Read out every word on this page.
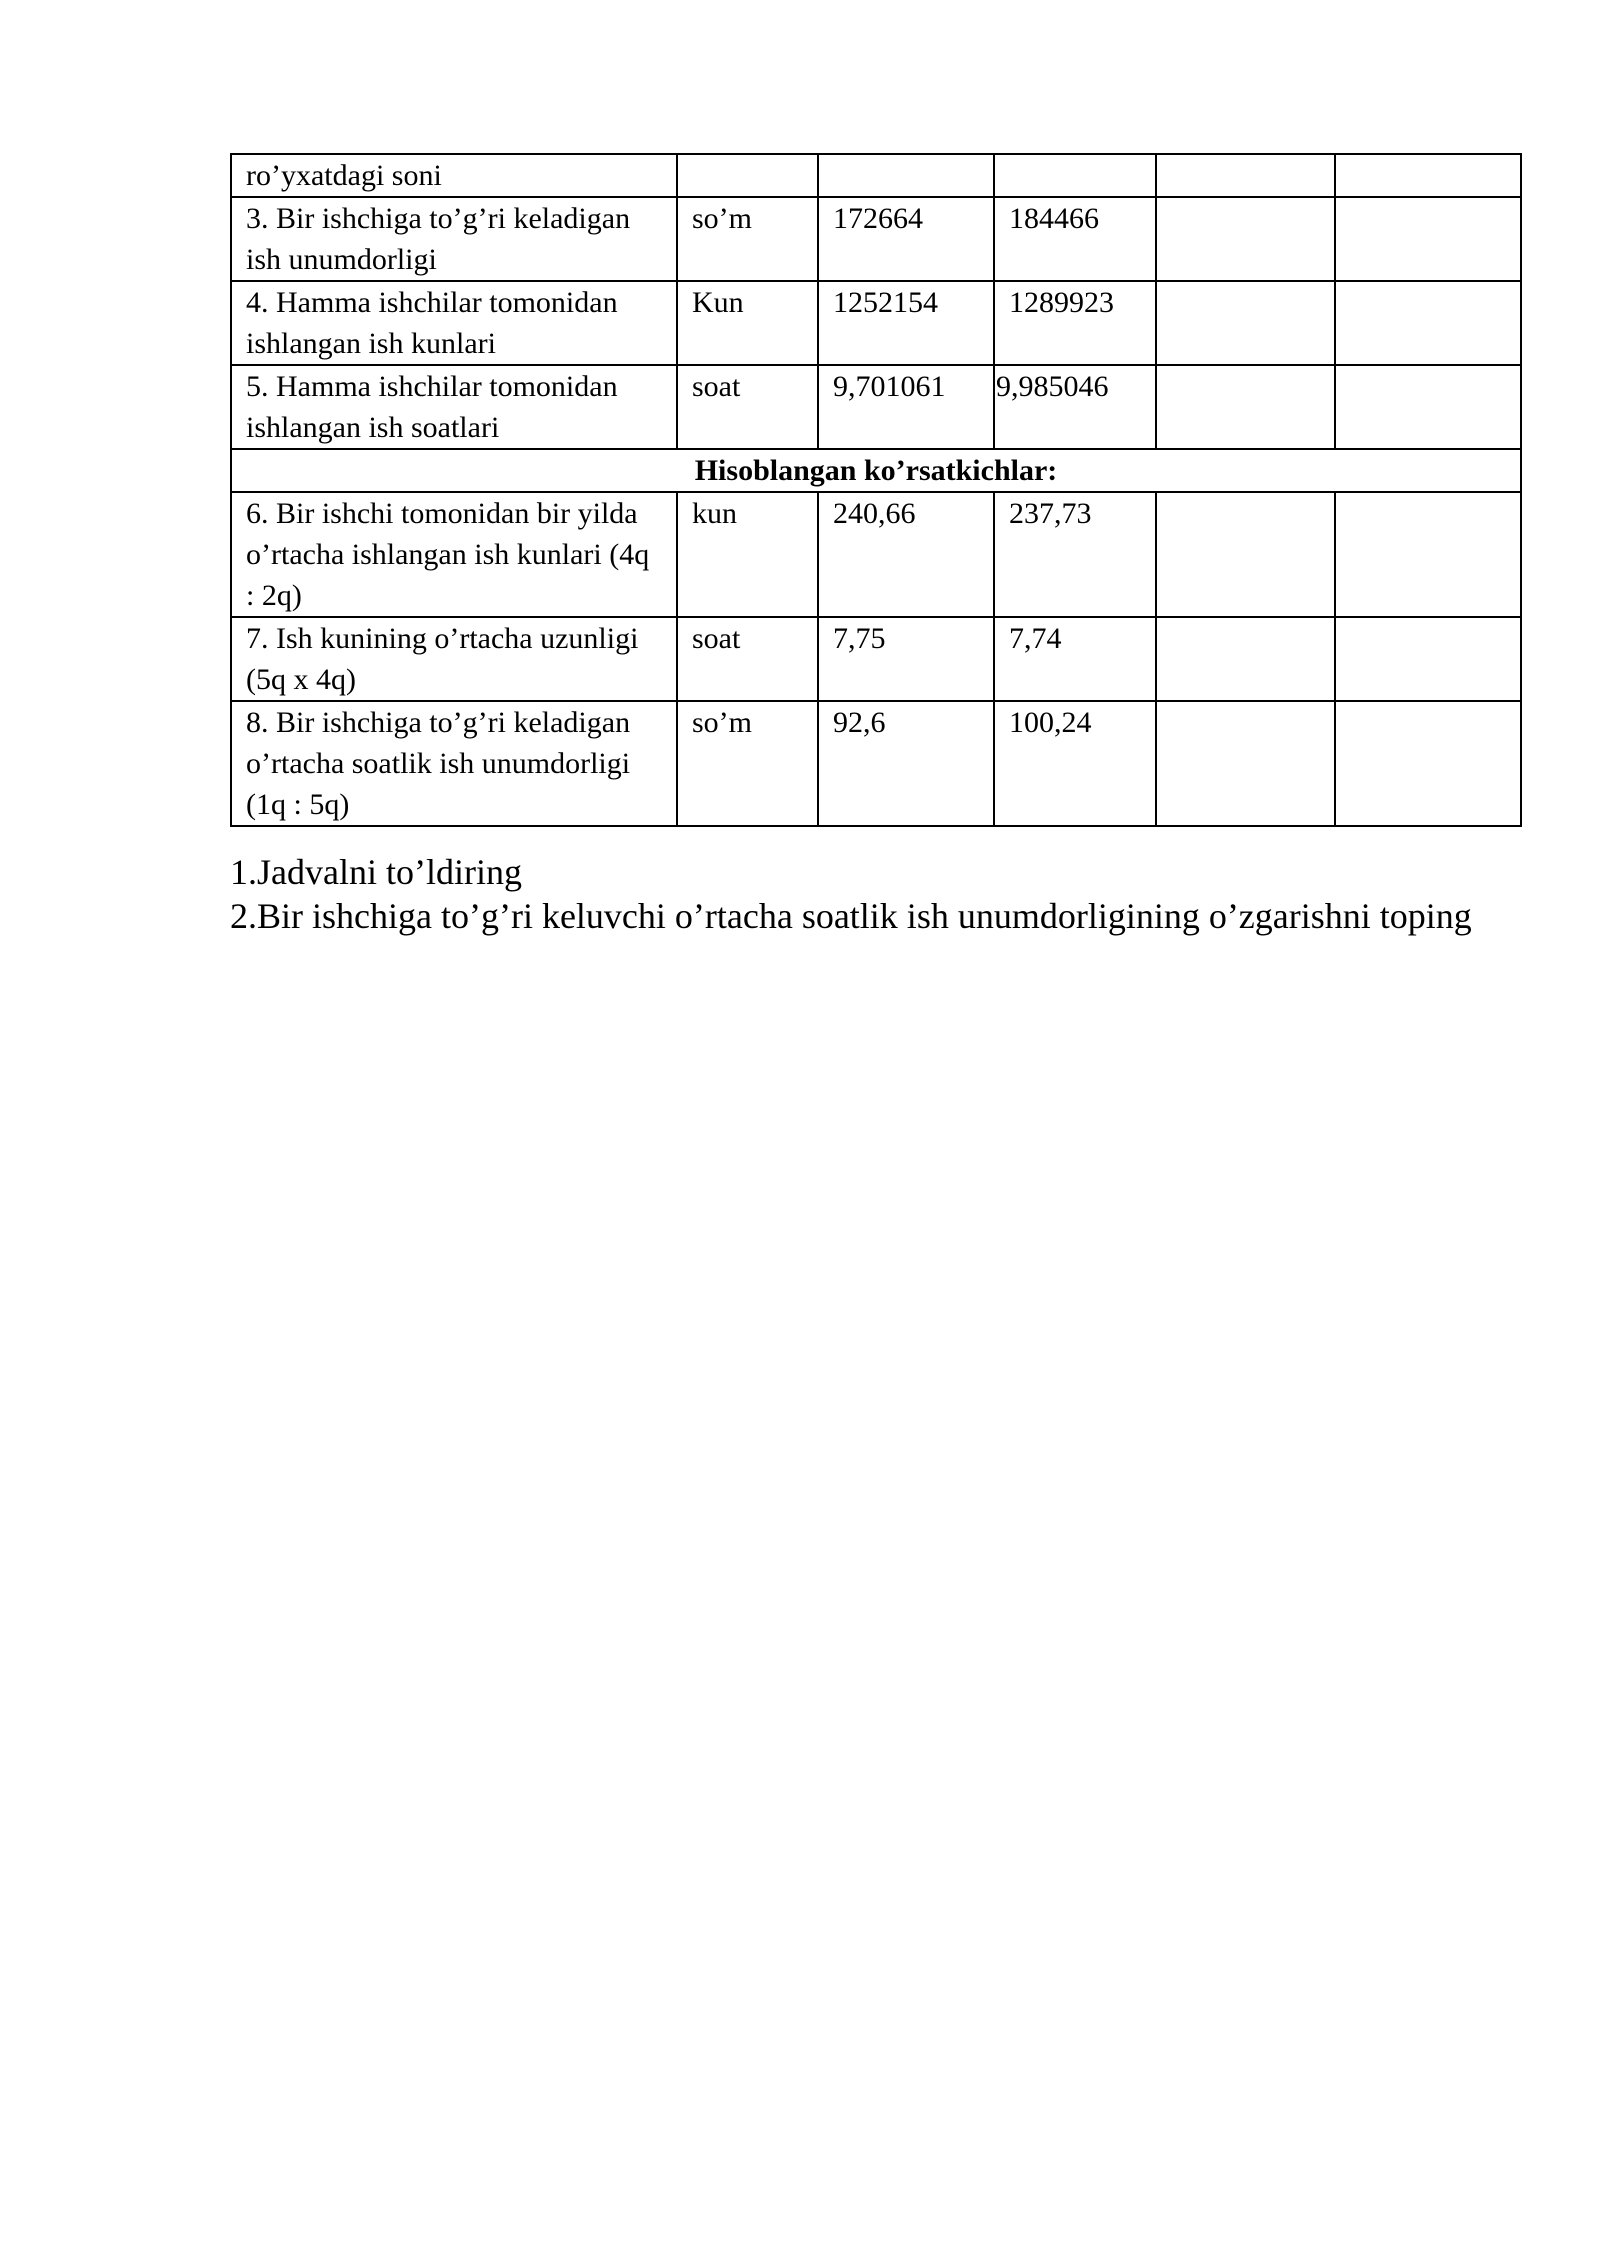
ro’yxatdagi soni					
3. Bir ishchiga to’g’ri keladigan ish unumdorligi	so’m	172664	184466		
4. Hamma ishchilar tomonidan ishlangan ish kunlari	Kun	1252154	1289923		
5. Hamma ishchilar tomonidan ishlangan ish soatlari	soat	9,701061	9,985046		
Hisoblangan ko’rsatkichlar:					
6. Bir ishchi tomonidan bir yilda o’rtacha ishlangan ish kunlari (4q : 2q)	kun	240,66	237,73		
7. Ish kunining o’rtacha uzunligi (5q x 4q)	soat	7,75	7,74		
8. Bir ishchiga to’g’ri keladigan o’rtacha soatlik ish unumdorligi (1q : 5q)	so’m	92,6	100,24		
1.Jadvalni to’ldiring
2.Bir ishchiga to’g’ri keluvchi o’rtacha soatlik ish unumdorligining o’zgarishni toping
